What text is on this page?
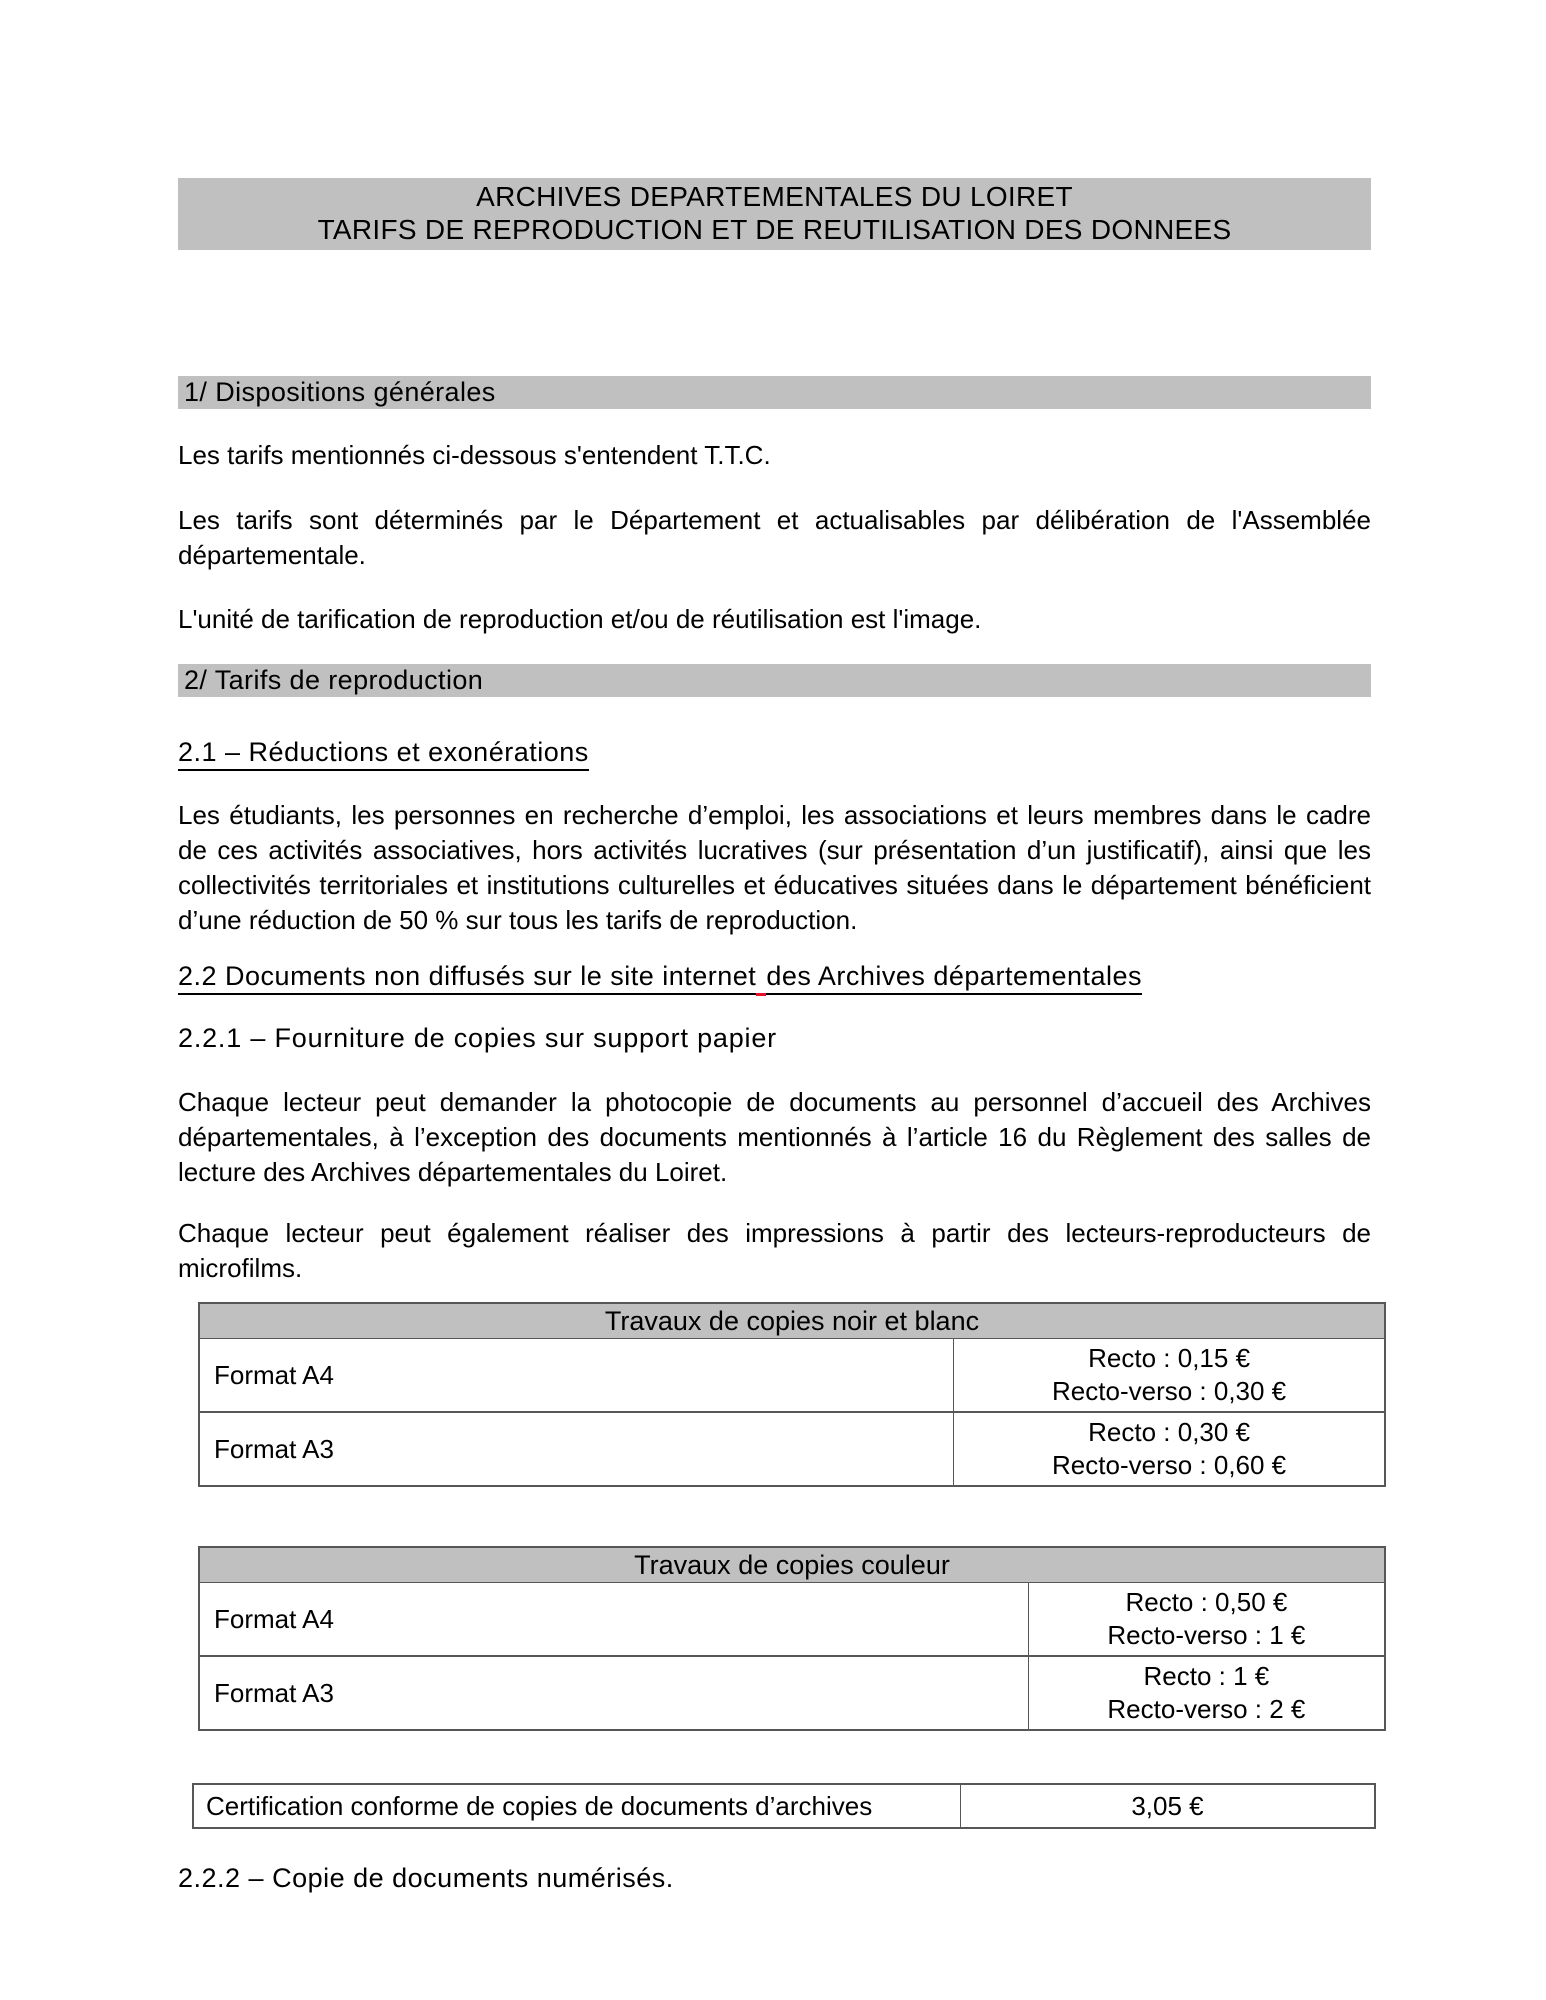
ARCHIVES DEPARTEMENTALES DU LOIRET
TARIFS DE REPRODUCTION ET DE REUTILISATION DES DONNEES
1/ Dispositions générales

Les tarifs mentionnés ci-dessous s'entendent T.T.C.

Les tarifs sont déterminés par le Département et actualisables par délibération de l'Assemblée départementale.

L'unité de tarification de reproduction et/ou de réutilisation est l'image.

2/ Tarifs de reproduction
2.1 – Réductions et exonérations

Les étudiants, les personnes en recherche d’emploi, les associations et leurs membres dans le cadre de ces activités associatives, hors activités lucratives (sur présentation d’un justificatif), ainsi que les collectivités territoriales et institutions culturelles et éducatives situées dans le département bénéficient d’une réduction de 50 % sur tous les tarifs de reproduction.

2.2 Documents non diffusés sur le site internet des Archives départementales
2.2.1 – Fourniture de copies sur support papier

Chaque lecteur peut demander la photocopie de documents au personnel d’accueil des Archives départementales, à l’exception des documents mentionnés à l’article 16 du Règlement des salles de lecture des Archives départementales du Loiret.

Chaque lecteur peut également réaliser des impressions à partir des lecteurs-reproducteurs de microfilms.

Travaux de copies noir et blanc
Format A4
Recto : 0,15 €
Recto-verso : 0,30 €
Format A3
Recto : 0,30 €
Recto-verso : 0,60 €
Travaux de copies couleur
Format A4
Recto : 0,50 €
Recto-verso : 1 €
Format A3
Recto : 1 €
Recto-verso : 2 €
Certification conforme de copies de documents d’archives	3,05 €
2.2.2 – Copie de documents numérisés.
